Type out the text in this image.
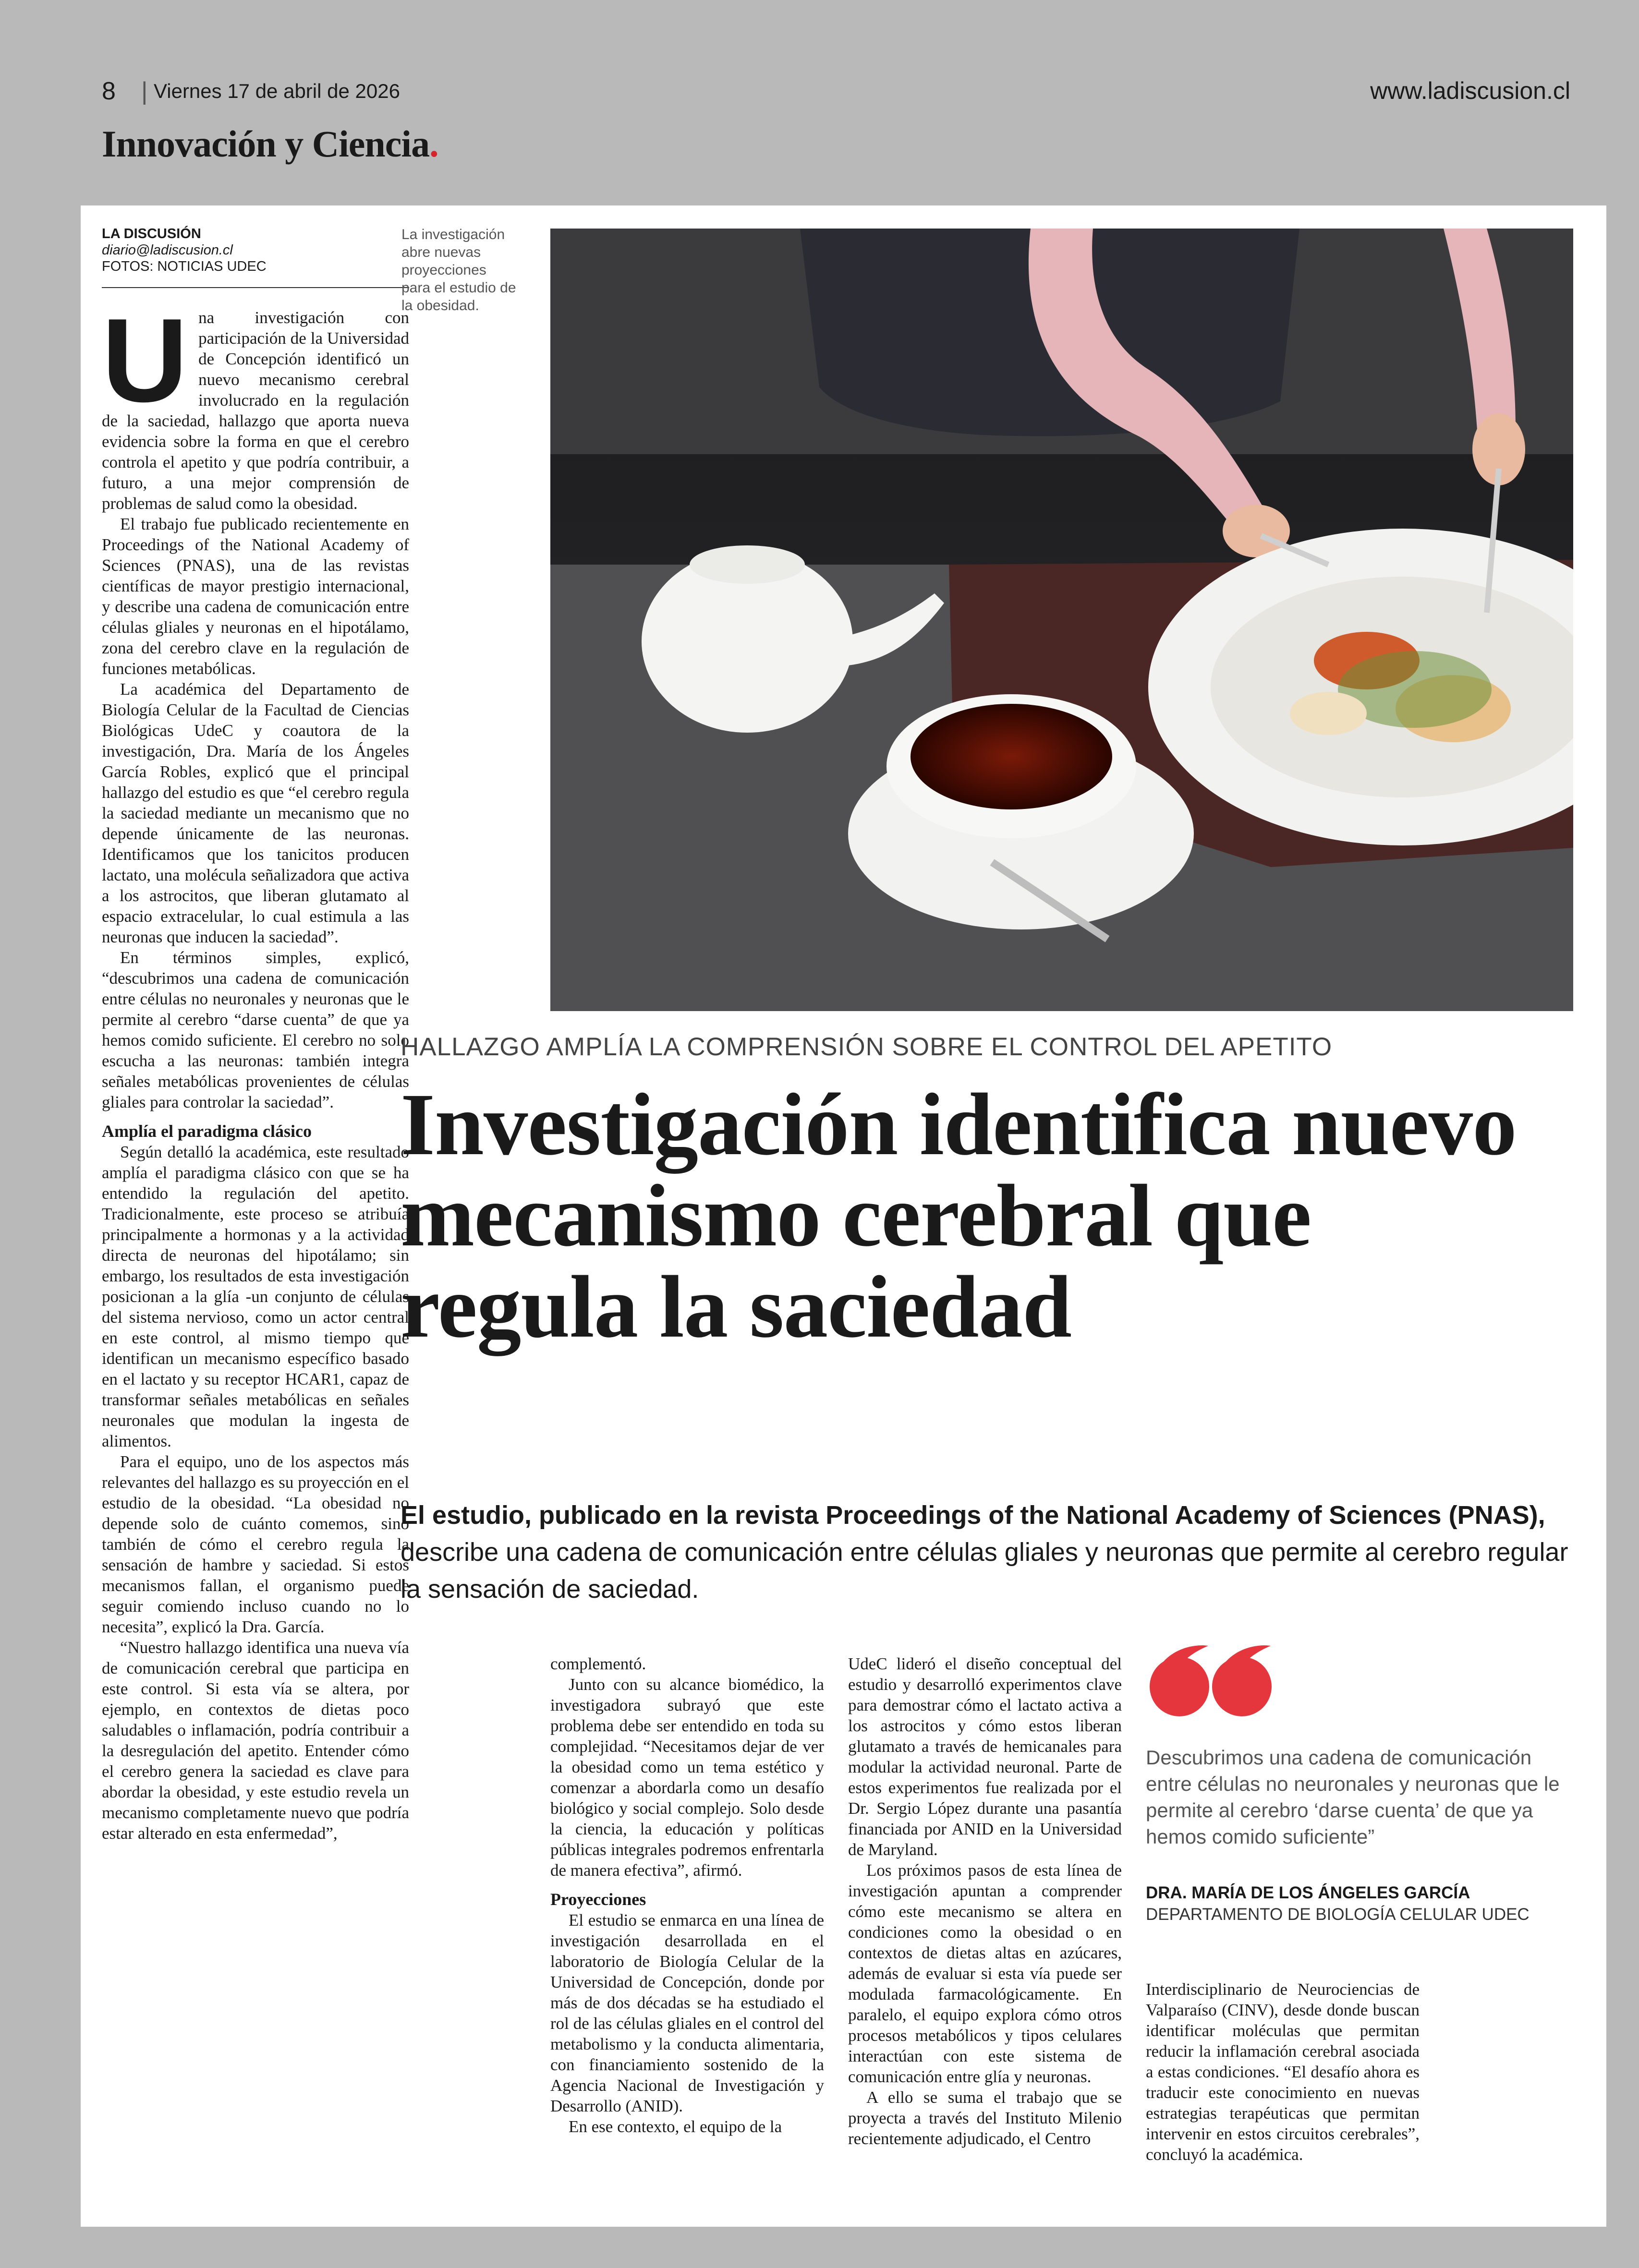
8 | Viernes 17 de abril de 2026	www.ladiscusion.cl
Innovación y Ciencia.
LA DISCUSIÓN
diario@ladiscusion.cl
FOTOS: NOTICIAS UDEC

Una investigación con participación de la Universidad de Concepción identificó un nuevo mecanismo cerebral involucrado en la regulación de la saciedad, hallazgo que aporta nueva evidencia sobre la forma en que el cerebro controla el apetito y que podría contribuir, a futuro, a una mejor comprensión de problemas de salud como la obesidad.

El trabajo fue publicado recientemente en Proceedings of the National Academy of Sciences (PNAS), una de las revistas científicas de mayor prestigio internacional, y describe una cadena de comunicación entre células gliales y neuronas en el hipotálamo, zona del cerebro clave en la regulación de funciones metabólicas.

La académica del Departamento de Biología Celular de la Facultad de Ciencias Biológicas UdeC y coautora de la investigación, Dra. María de los Ángeles García Robles, explicó que el principal hallazgo del estudio es que “el cerebro regula la saciedad mediante un mecanismo que no depende únicamente de las neuronas. Identificamos que los tanicitos producen lactato, una molécula señalizadora que activa a los astrocitos, que liberan glutamato al espacio extracelular, lo cual estimula a las neuronas que inducen la saciedad”.

En términos simples, explicó, “descubrimos una cadena de comunicación entre células no neuronales y neuronas que le permite al cerebro “darse cuenta” de que ya hemos comido suficiente. El cerebro no solo escucha a las neuronas: también integra señales metabólicas provenientes de células gliales para controlar la saciedad”.

Amplía el paradigma clásico

Según detalló la académica, este resultado amplía el paradigma clásico con que se ha entendido la regulación del apetito. Tradicionalmente, este proceso se atribuía principalmente a hormonas y a la actividad directa de neuronas del hipotálamo; sin embargo, los resultados de esta investigación posicionan a la glía -un conjunto de células del sistema nervioso, como un actor central en este control, al mismo tiempo que identifican un mecanismo específico basado en el lactato y su receptor HCAR1, capaz de transformar señales metabólicas en señales neuronales que modulan la ingesta de alimentos.

Para el equipo, uno de los aspectos más relevantes del hallazgo es su proyección en el estudio de la obesidad. “La obesidad no depende solo de cuánto comemos, sino también de cómo el cerebro regula la sensación de hambre y saciedad. Si estos mecanismos fallan, el organismo puede seguir comiendo incluso cuando no lo necesita”, explicó la Dra. García.

“Nuestro hallazgo identifica una nueva vía de comunicación cerebral que participa en este control. Si esta vía se altera, por ejemplo, en contextos de dietas poco saludables o inflamación, podría contribuir a la desregulación del apetito. Entender cómo el cerebro genera la saciedad es clave para abordar la obesidad, y este estudio revela un mecanismo completamente nuevo que podría estar alterado en esta enfermedad”,

La investigación abre nuevas proyecciones para el estudio de la obesidad.
HALLAZGO AMPLÍA LA COMPRENSIÓN SOBRE EL CONTROL DEL APETITO
Investigación identifica nuevo mecanismo cerebral que regula la saciedad
El estudio, publicado en la revista Proceedings of the National Academy of Sciences (PNAS), describe una cadena de comunicación entre células gliales y neuronas que permite al cerebro regular la sensación de saciedad.

complementó.

Junto con su alcance biomédico, la investigadora subrayó que este problema debe ser entendido en toda su complejidad. “Necesitamos dejar de ver la obesidad como un tema estético y comenzar a abordarla como un desafío biológico y social complejo. Solo desde la ciencia, la educación y políticas públicas integrales podremos enfrentarla de manera efectiva”, afirmó.

Proyecciones

El estudio se enmarca en una línea de investigación desarrollada en el laboratorio de Biología Celular de la Universidad de Concepción, donde por más de dos décadas se ha estudiado el rol de las células gliales en el control del metabolismo y la conducta alimentaria, con financiamiento sostenido de la Agencia Nacional de Investigación y Desarrollo (ANID).

En ese contexto, el equipo de la

UdeC lideró el diseño conceptual del estudio y desarrolló experimentos clave para demostrar cómo el lactato activa a los astrocitos y cómo estos liberan glutamato a través de hemicanales para modular la actividad neuronal. Parte de estos experimentos fue realizada por el Dr. Sergio López durante una pasantía financiada por ANID en la Universidad de Maryland.

Los próximos pasos de esta línea de investigación apuntan a comprender cómo este mecanismo se altera en condiciones como la obesidad o en contextos de dietas altas en azúcares, además de evaluar si esta vía puede ser modulada farmacológicamente. En paralelo, el equipo explora cómo otros procesos metabólicos y tipos celulares interactúan con este sistema de comunicación entre glía y neuronas.

A ello se suma el trabajo que se proyecta a través del Instituto Milenio recientemente adjudicado, el Centro

Descubrimos una cadena de comunicación entre células no neuronales y neuronas que le permite al cerebro ‘darse cuenta’ de que ya hemos comido suficiente”
DRA. MARÍA DE LOS ÁNGELES GARCÍA
DEPARTAMENTO DE BIOLOGÍA CELULAR UDEC

Interdisciplinario de Neurociencias de Valparaíso (CINV), desde donde buscan identificar moléculas que permitan reducir la inflamación cerebral asociada a estas condiciones. “El desafío ahora es traducir este conocimiento en nuevas estrategias terapéuticas que permitan intervenir en estos circuitos cerebrales”, concluyó la académica.
